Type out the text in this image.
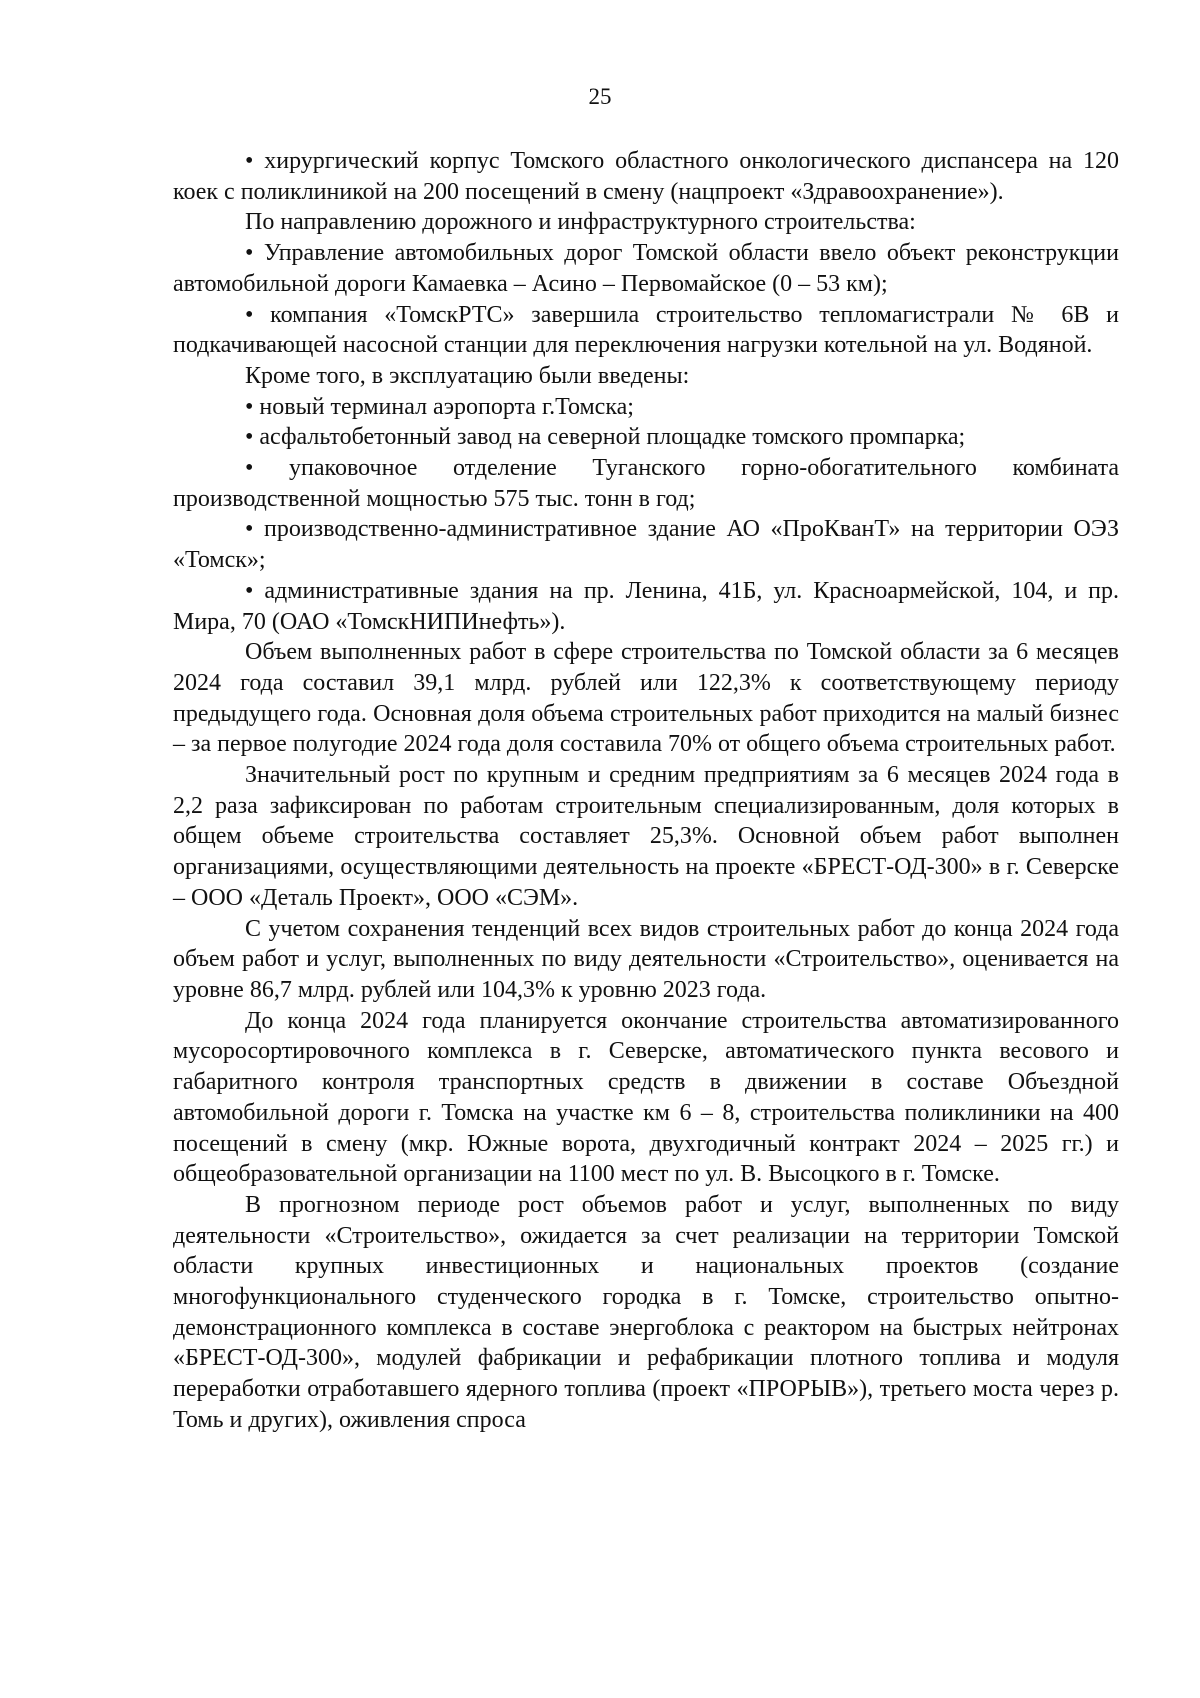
25

• хирургический корпус Томского областного онкологического диспансера на 120 коек с поликлиникой на 200 посещений в смену (нацпроект «Здравоохранение»).

По направлению дорожного и инфраструктурного строительства:

• Управление автомобильных дорог Томской области ввело объект реконструкции автомобильной дороги Камаевка – Асино – Первомайское (0 – 53 км);

• компания «ТомскРТС» завершила строительство тепломагистрали № 6В и подкачивающей насосной станции для переключения нагрузки котельной на ул. Водяной.

Кроме того, в эксплуатацию были введены:

• новый терминал аэропорта г.Томска;

• асфальтобетонный завод на северной площадке томского промпарка;

• упаковочное отделение Туганского горно-обогатительного комбината производственной мощностью 575 тыс. тонн в год;

• производственно-административное здание АО «ПроКванТ» на территории ОЭЗ «Томск»;

• административные здания на пр. Ленина, 41Б, ул. Красноармейской, 104, и пр. Мира, 70 (ОАО «ТомскНИПИнефть»).

Объем выполненных работ в сфере строительства по Томской области за 6 месяцев 2024 года составил 39,1 млрд. рублей или 122,3% к соответствующему периоду предыдущего года. Основная доля объема строительных работ приходится на малый бизнес – за первое полугодие 2024 года доля составила 70% от общего объема строительных работ.

Значительный рост по крупным и средним предприятиям за 6 месяцев 2024 года в 2,2 раза зафиксирован по работам строительным специализированным, доля которых в общем объеме строительства составляет 25,3%. Основной объем работ выполнен организациями, осуществляющими деятельность на проекте «БРЕСТ-ОД-300» в г. Северске – ООО «Деталь Проект», ООО «СЭМ».

С учетом сохранения тенденций всех видов строительных работ до конца 2024 года объем работ и услуг, выполненных по виду деятельности «Строительство», оценивается на уровне 86,7 млрд. рублей или 104,3% к уровню 2023 года.

До конца 2024 года планируется окончание строительства автоматизированного мусоросортировочного комплекса в г. Северске, автоматического пункта весового и габаритного контроля транспортных средств в движении в составе Объездной автомобильной дороги г. Томска на участке км 6 – 8, строительства поликлиники на 400 посещений в смену (мкр. Южные ворота, двухгодичный контракт 2024 – 2025 гг.) и общеобразовательной организации на 1100 мест по ул. В. Высоцкого в г. Томске.

В прогнозном периоде рост объемов работ и услуг, выполненных по виду деятельности «Строительство», ожидается за счет реализации на территории Томской области крупных инвестиционных и национальных проектов (создание многофункционального студенческого городка в г. Томске, строительство опытно-демонстрационного комплекса в составе энергоблока с реактором на быстрых нейтронах «БРЕСТ-ОД-300», модулей фабрикации и рефабрикации плотного топлива и модуля переработки отработавшего ядерного топлива (проект «ПРОРЫВ»), третьего моста через р. Томь и других), оживления спроса
